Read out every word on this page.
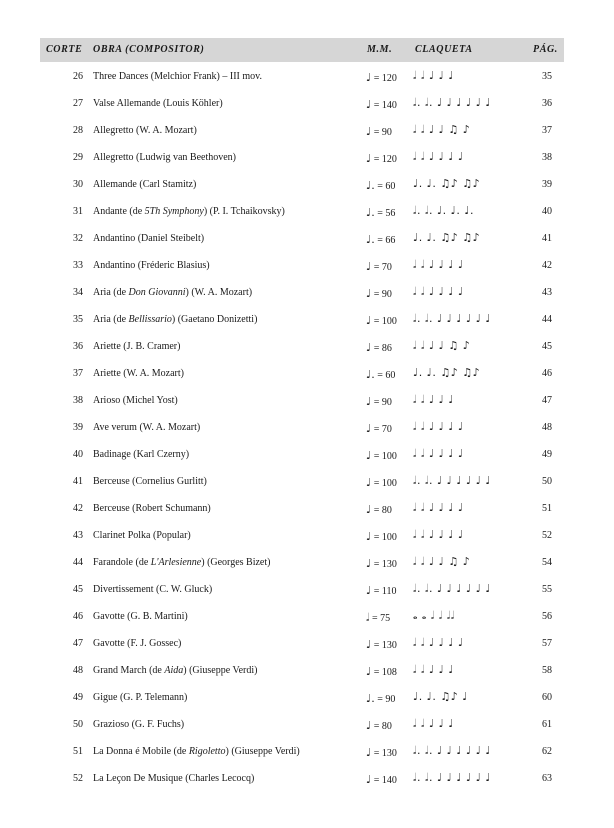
CORTE OBRA (COMPOSITOR)	M.M. CLAQUETA	PÁG.
26 Three Dances (Melchior Frank) – III mov.	♩ = 120 𝅗𝅥 𝅗𝅥 ♩ ♩ ♩	35
27 Valse Allemande (Louis Köhler)	♩ = 140 𝅗𝅥. 𝅗𝅥. ♩ ♩ ♩ ♩ ♩ ♩	36
28 Allegretto (W. A. Mozart)	♩ = 90 𝅗𝅥 𝅗𝅥 ♩ ♩ ♫ ♪	37
29 Allegretto (Ludwig van Beethoven)	♩ = 120 𝅗𝅥 𝅗𝅥 ♩ ♩ ♩ ♩	38
30 Allemande (Carl Stamitz)	♩. = 60 ♩. ♩. ♫♪ ♫♪	39
31 Andante (de 5Th Symphony) (P. I. Tchaikovsky)	♩. = 56 𝅗𝅥. 𝅗𝅥. ♩. ♩. ♩.	40
32 Andantino (Daniel Steibelt)	♩. = 66 ♩. ♩. ♫♪ ♫♪	41
33 Andantino (Fréderic Blasius)	♩ = 70 𝅗𝅥 𝅗𝅥 ♩ ♩ ♩ ♩	42
34 Aria (de Don Giovanni) (W. A. Mozart)	♩ = 90 𝅗𝅥 𝅗𝅥 ♩ ♩ ♩ ♩	43
35 Aria (de Bellissario) (Gaetano Donizetti)	♩ = 100 𝅗𝅥. 𝅗𝅥. ♩ ♩ ♩ ♩ ♩ ♩	44
36 Ariette (J. B. Cramer)	♩ = 86 𝅗𝅥 𝅗𝅥 ♩ ♩ ♫ ♪	45
37 Ariette (W. A. Mozart)	♩. = 60 ♩. ♩. ♫♪ ♫♪	46
38 Arioso (Michel Yost)	♩ = 90 𝅗𝅥 𝅗𝅥 ♩ ♩ ♩	47
39 Ave verum (W. A. Mozart)	♩ = 70 𝅗𝅥 𝅗𝅥 ♩ ♩ ♩ ♩	48
40 Badinage (Karl Czerny)	♩ = 100 𝅗𝅥 𝅗𝅥 ♩ ♩ ♩ ♩	49
41 Berceuse (Cornelius Gurlitt)	♩ = 100 𝅗𝅥. 𝅗𝅥. ♩ ♩ ♩ ♩ ♩ ♩	50
42 Berceuse (Robert Schumann)	♩ = 80 𝅗𝅥 𝅗𝅥 ♩ ♩ ♩ ♩	51
43 Clarinet Polka (Popular)	♩ = 100 𝅗𝅥 𝅗𝅥 ♩ ♩ ♩ ♩	52
44 Farandole (de L'Arlesienne) (Georges Bizet)	♩ = 130 𝅗𝅥 𝅗𝅥 ♩ ♩ ♫ ♪	54
45 Divertissement (C. W. Gluck)	♩ = 110 𝅗𝅥. 𝅗𝅥. ♩ ♩ ♩ ♩ ♩ ♩	55
46 Gavotte (G. B. Martini)	𝅗𝅥 = 75 𝅝 𝅝 𝅗𝅥 𝅗𝅥 𝅗𝅥𝅗𝅥	56
47 Gavotte (F. J. Gossec)	♩ = 130 𝅗𝅥 𝅗𝅥 ♩ ♩ ♩ ♩	57
48 Grand March (de Aida) (Giuseppe Verdi)	♩ = 108 𝅗𝅥 𝅗𝅥 ♩ ♩ ♩	58
49 Gigue (G. P. Telemann)	♩. = 90 ♩. ♩. ♫♪ ♩	60
50 Grazioso (G. F. Fuchs)	♩ = 80 𝅗𝅥 𝅗𝅥 ♩ ♩ ♩	61
51 La Donna é Mobile (de Rigoletto) (Giuseppe Verdi)	♩ = 130 𝅗𝅥. 𝅗𝅥. ♩ ♩ ♩ ♩ ♩ ♩	62
52 La Leçon De Musique (Charles Lecocq)	♩ = 140 𝅗𝅥. 𝅗𝅥. ♩ ♩ ♩ ♩ ♩ ♩	63
